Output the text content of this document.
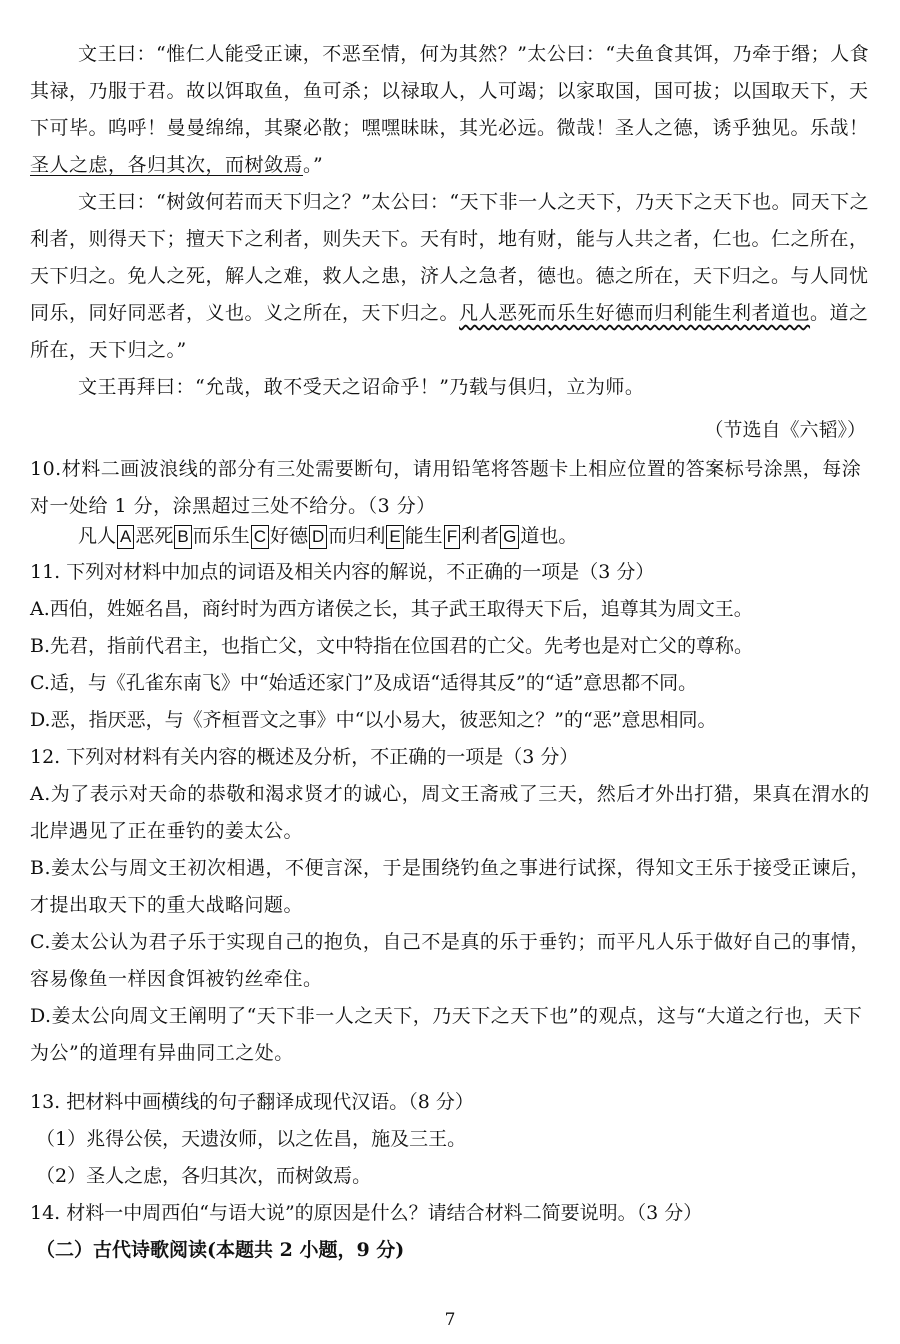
文王曰：“惟仁人能受正谏，不恶至情，何为其然？”太公曰：“夫鱼食其饵，乃牵于缗；人食其禄，乃服于君。故以饵取鱼，鱼可杀；以禄取人，人可竭；以家取国，国可拔；以国取天下，天下可毕。呜呼！曼曼绵绵，其聚必散；嘿嘿昧昧，其光必远。微哉！圣人之德，诱乎独见。乐哉！圣人之虑，各归其次，而树敛焉。”
文王曰：“树敛何若而天下归之？”太公曰：“天下非一人之天下，乃天下之天下也。同天下之利者，则得天下；擅天下之利者，则失天下。天有时，地有财，能与人共之者，仁也。仁之所在，天下归之。免人之死，解人之难，救人之患，济人之急者，德也。德之所在，天下归之。与人同忧同乐，同好同恶者，义也。义之所在，天下归之。凡人恶死而乐生好德而归利能生利者道也。道之所在，天下归之。”
文王再拜曰：“允哉，敢不受天之诏命乎！”乃载与俱归，立为师。
（节选自《六韬》）
10.材料二画波浪线的部分有三处需要断句，请用铅笔将答题卡上相应位置的答案标号涂黑，每涂对一处给 1 分，涂黑超过三处不给分。（3 分）
凡人 A 恶死 B 而乐生 C 好德 D 而归利 E 能生 F 利者 G 道也。
11. 下列对材料中加点的词语及相关内容的解说，不正确的一项是（3 分）
A.西伯，姓姬名昌，商纣时为西方诸侯之长，其子武王取得天下后，追尊其为周文王。
B.先君，指前代君主，也指亡父，文中特指在位国君的亡父。先考也是对亡父的尊称。
C.适，与《孔雀东南飞》中“始适还家门”及成语“适得其反”的“适”意思都不同。
D.恶，指厌恶，与《齐桓晋文之事》中“以小易大，彼恶知之？”的“恶”意思相同。
12. 下列对材料有关内容的概述及分析，不正确的一项是（3 分）
A.为了表示对天命的恭敬和渴求贤才的诚心，周文王斋戒了三天，然后才外出打猎，果真在渭水的北岸遇见了正在垂钓的姜太公。
B.姜太公与周文王初次相遇，不便言深，于是围绕钓鱼之事进行试探，得知文王乐于接受正谏后，才提出取天下的重大战略问题。
C.姜太公认为君子乐于实现自己的抱负，自己不是真的乐于垂钓；而平凡人乐于做好自己的事情，容易像鱼一样因食饵被钓丝牵住。
D.姜太公向周文王阐明了“天下非一人之天下，乃天下之天下也”的观点，这与“大道之行也，天下为公”的道理有异曲同工之处。
13. 把材料中画横线的句子翻译成现代汉语。（8 分）
（1）兆得公侯，天遗汝师，以之佐昌，施及三王。
（2）圣人之虑，各归其次，而树敛焉。
14. 材料一中周西伯“与语大说”的原因是什么？请结合材料二简要说明。（3 分）
（二）古代诗歌阅读(本题共 2 小题，9 分)
7
